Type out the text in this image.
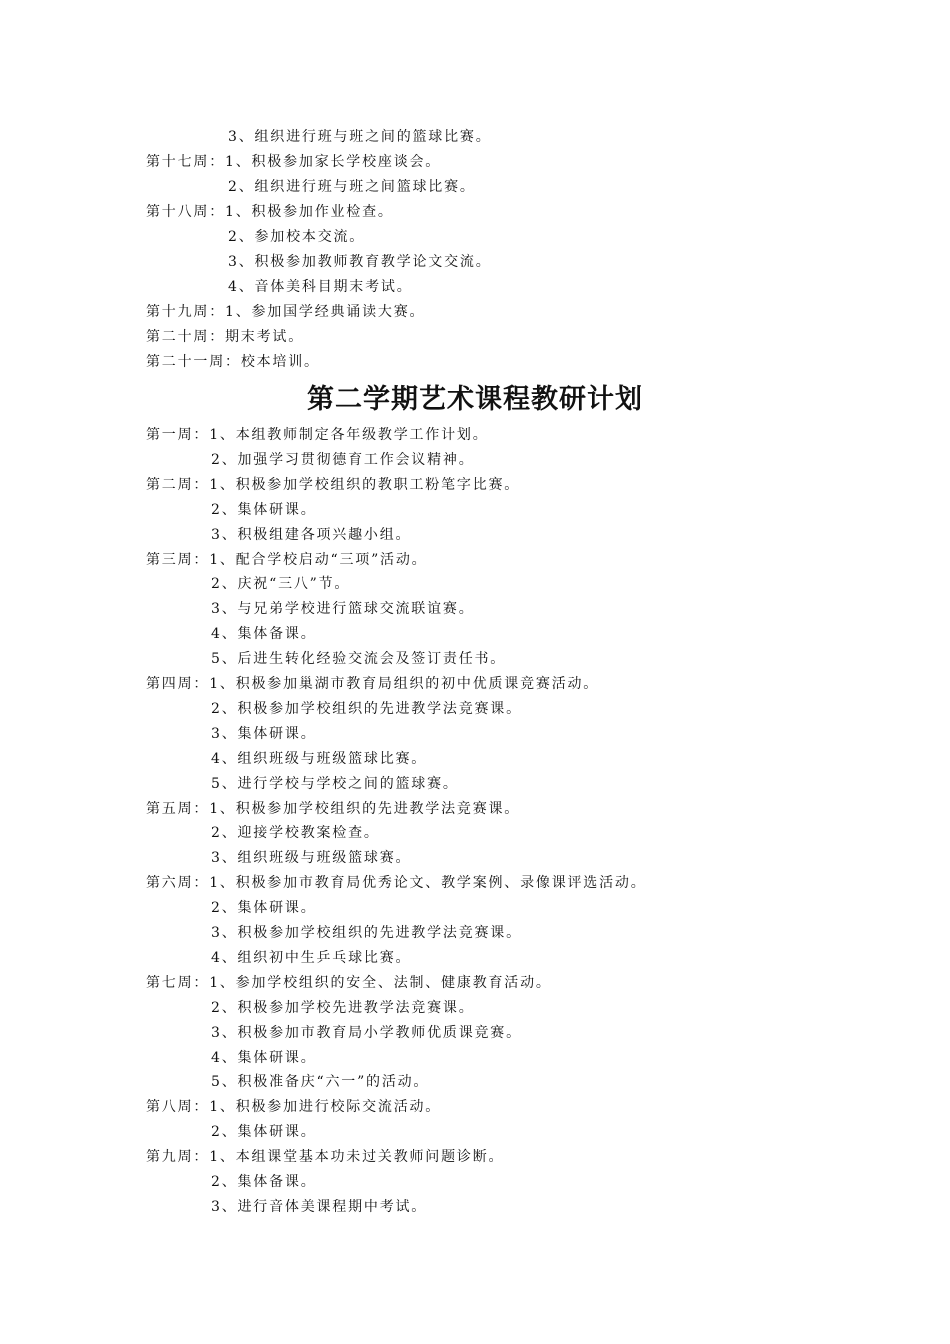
3、组织进行班与班之间的篮球比赛。
第十七周：1、积极参加家长学校座谈会。
2、组织进行班与班之间篮球比赛。
第十八周：1、积极参加作业检查。
2、参加校本交流。
3、积极参加教师教育教学论文交流。
4、音体美科目期末考试。
第十九周：1、参加国学经典诵读大赛。
第二十周：期末考试。
第二十一周：校本培训。
第二学期艺术课程教研计划
第一周：1、本组教师制定各年级教学工作计划。
2、加强学习贯彻德育工作会议精神。
第二周：1、积极参加学校组织的教职工粉笔字比赛。
2、集体研课。
3、积极组建各项兴趣小组。
第三周：1、配合学校启动“三项”活动。
2、庆祝“三八”节。
3、与兄弟学校进行篮球交流联谊赛。
4、集体备课。
5、后进生转化经验交流会及签订责任书。
第四周：1、积极参加巢湖市教育局组织的初中优质课竞赛活动。
2、积极参加学校组织的先进教学法竞赛课。
3、集体研课。
4、组织班级与班级篮球比赛。
5、进行学校与学校之间的篮球赛。
第五周：1、积极参加学校组织的先进教学法竞赛课。
2、迎接学校教案检查。
3、组织班级与班级篮球赛。
第六周：1、积极参加市教育局优秀论文、教学案例、录像课评选活动。
2、集体研课。
3、积极参加学校组织的先进教学法竞赛课。
4、组织初中生乒乓球比赛。
第七周：1、参加学校组织的安全、法制、健康教育活动。
2、积极参加学校先进教学法竞赛课。
3、积极参加市教育局小学教师优质课竞赛。
4、集体研课。
5、积极准备庆“六一”的活动。
第八周：1、积极参加进行校际交流活动。
2、集体研课。
第九周：1、本组课堂基本功未过关教师问题诊断。
2、集体备课。
3、进行音体美课程期中考试。
